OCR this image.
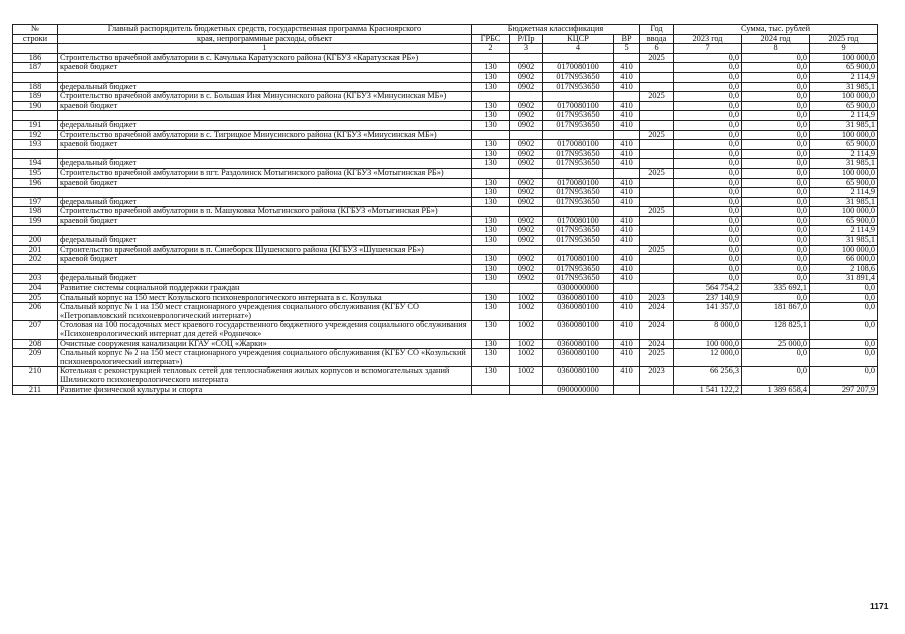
№	Главный распорядитель бюджетных средств, государственная программа Красноярского	Бюджетная классификация				Год	Сумма, тыс. рублей		
строки	края, непрограммные расходы, объект	ГРБС	Р/Пр	КЦСР	ВР	ввода	2023 год	2024 год	2025 год
	1	2	3	4	5	6	7	8	9
186	Строительство врачебной амбулатории в с. Качулька Каратузского района (КГБУЗ «Каратузская РБ»)					2025	0,0	0,0	100 000,0
187	краевой бюджет	130	0902	0170080100	410		0,0	0,0	65 900,0
		130	0902	017N953650	410		0,0	0,0	2 114,9
188	федеральный бюджет	130	0902	017N953650	410		0,0	0,0	31 985,1
189	Строительство врачебной амбулатории в с. Большая Иня Минусинского района (КГБУЗ «Минусинская МБ»)					2025	0,0	0,0	100 000,0
190	краевой бюджет	130	0902	0170080100	410		0,0	0,0	65 900,0
		130	0902	017N953650	410		0,0	0,0	2 114,9
191	федеральный бюджет	130	0902	017N953650	410		0,0	0,0	31 985,1
192	Строительство врачебной амбулатории в с. Тигрицкое Минусинского района (КГБУЗ «Минусинская МБ»)					2025	0,0	0,0	100 000,0
193	краевой бюджет	130	0902	0170080100	410		0,0	0,0	65 900,0
		130	0902	017N953650	410		0,0	0,0	2 114,9
194	федеральный бюджет	130	0902	017N953650	410		0,0	0,0	31 985,1
195	Строительство врачебной амбулатории в пгт. Раздолинск Мотыгинского района (КГБУЗ «Мотыгинская РБ»)					2025	0,0	0,0	100 000,0
196	краевой бюджет	130	0902	0170080100	410		0,0	0,0	65 900,0
		130	0902	017N953650	410		0,0	0,0	2 114,9
197	федеральный бюджет	130	0902	017N953650	410		0,0	0,0	31 985,1
198	Строительство врачебной амбулатории в п. Машуковка Мотыгинского района (КГБУЗ «Мотыгинская РБ»)					2025	0,0	0,0	100 000,0
199	краевой бюджет	130	0902	0170080100	410		0,0	0,0	65 900,0
		130	0902	017N953650	410		0,0	0,0	2 114,9
200	федеральный бюджет	130	0902	017N953650	410		0,0	0,0	31 985,1
201	Строительство врачебной амбулатории в п. Синеборск Шушенского района (КГБУЗ «Шушенская РБ»)					2025	0,0	0,0	100 000,0
202	краевой бюджет	130	0902	0170080100	410		0,0	0,0	66 000,0
		130	0902	017N953650	410		0,0	0,0	2 108,6
203	федеральный бюджет	130	0902	017N953650	410		0,0	0,0	31 891,4
204	Развитие системы социальной поддержки граждан			0300000000			564 754,2	335 692,1	0,0
205	Спальный корпус на 150 мест Козульского психоневрологического интерната в с. Козулька	130	1002	0360080100	410	2023	237 140,9	0,0	0,0
206	Спальный корпус № 1 на 150 мест стационарного учреждения социального обслуживания (КГБУ СО «Петропавловский психоневрологический интернат»)	130	1002	0360080100	410	2024	141 357,0	181 867,0	0,0
207	Столовая на 100 посадочных мест краевого государственного бюджетного учреждения социального обслуживания «Психоневрологический интернат для детей «Родничок»	130	1002	0360080100	410	2024	8 000,0	128 825,1	0,0
208	Очистные сооружения канализации КГАУ «СОЦ «Жарки»	130	1002	0360080100	410	2024	100 000,0	25 000,0	0,0
209	Спальный корпус № 2 на 150 мест стационарного учреждения социального обслуживания (КГБУ СО «Козульский психоневрологический интернат»)	130	1002	0360080100	410	2025	12 000,0	0,0	0,0
210	Котельная с реконструкцией тепловых сетей для теплоснабжения жилых корпусов и вспомогательных зданий Шилинского психоневрологического интерната	130	1002	0360080100	410	2023	66 256,3	0,0	0,0
211	Развитие физической культуры и спорта			0900000000			1 541 122,2	1 389 658,4	297 207,9
1171
